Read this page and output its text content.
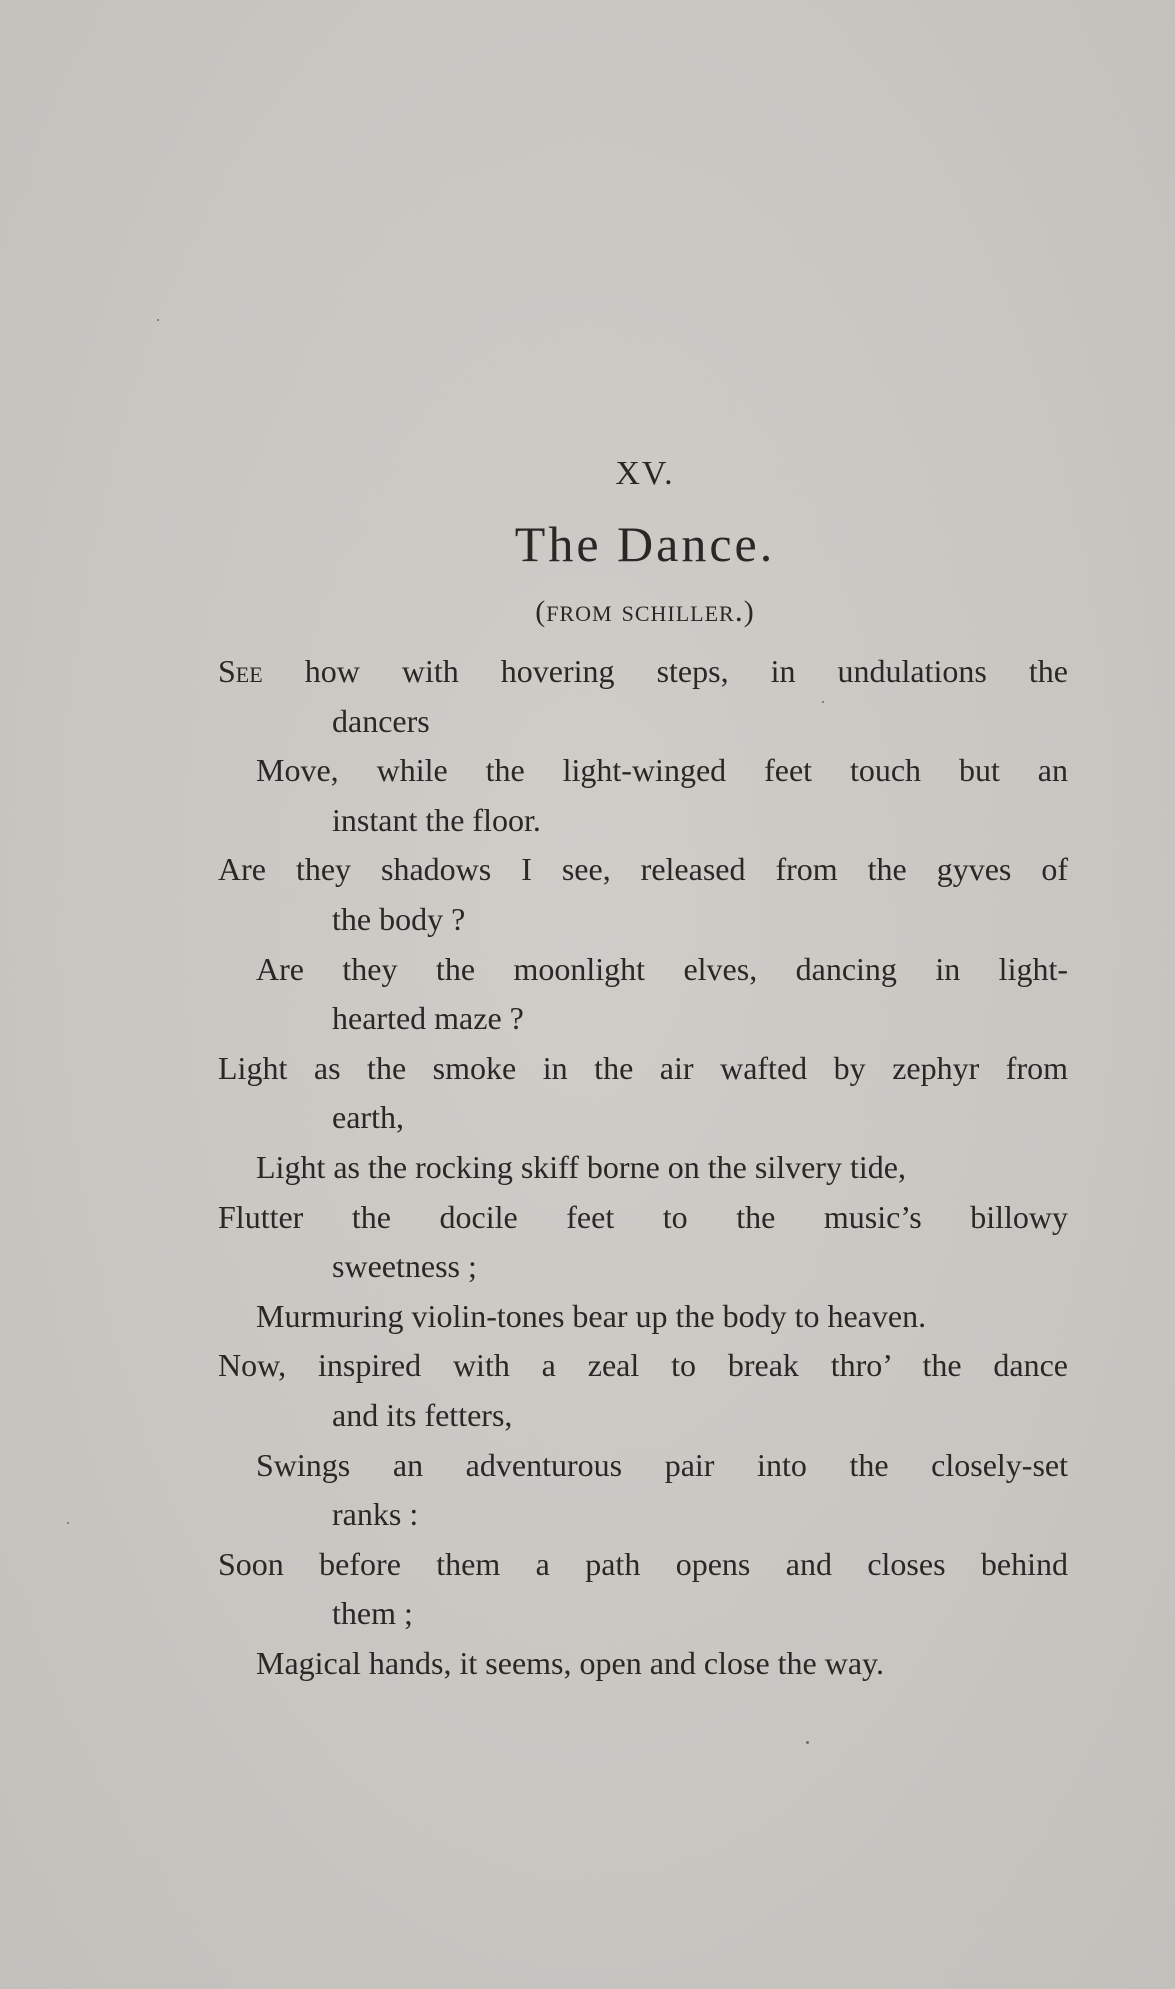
XV.
The Dance.
(from schiller.)
See how with hovering steps, in undulations the
dancers
Move, while the light-winged feet touch but an
instant the floor.
Are they shadows I see, released from the gyves of
the body ?
Are they the moonlight elves, dancing in light-
hearted maze ?
Light as the smoke in the air wafted by zephyr from
earth,
Light as the rocking skiff borne on the silvery tide,
Flutter the docile feet to the music’s billowy
sweetness ;
Murmuring violin-tones bear up the body to heaven.
Now, inspired with a zeal to break thro’ the dance
and its fetters,
Swings an adventurous pair into the closely-set
ranks :
Soon before them a path opens and closes behind
them ;
Magical hands, it seems, open and close the way.
